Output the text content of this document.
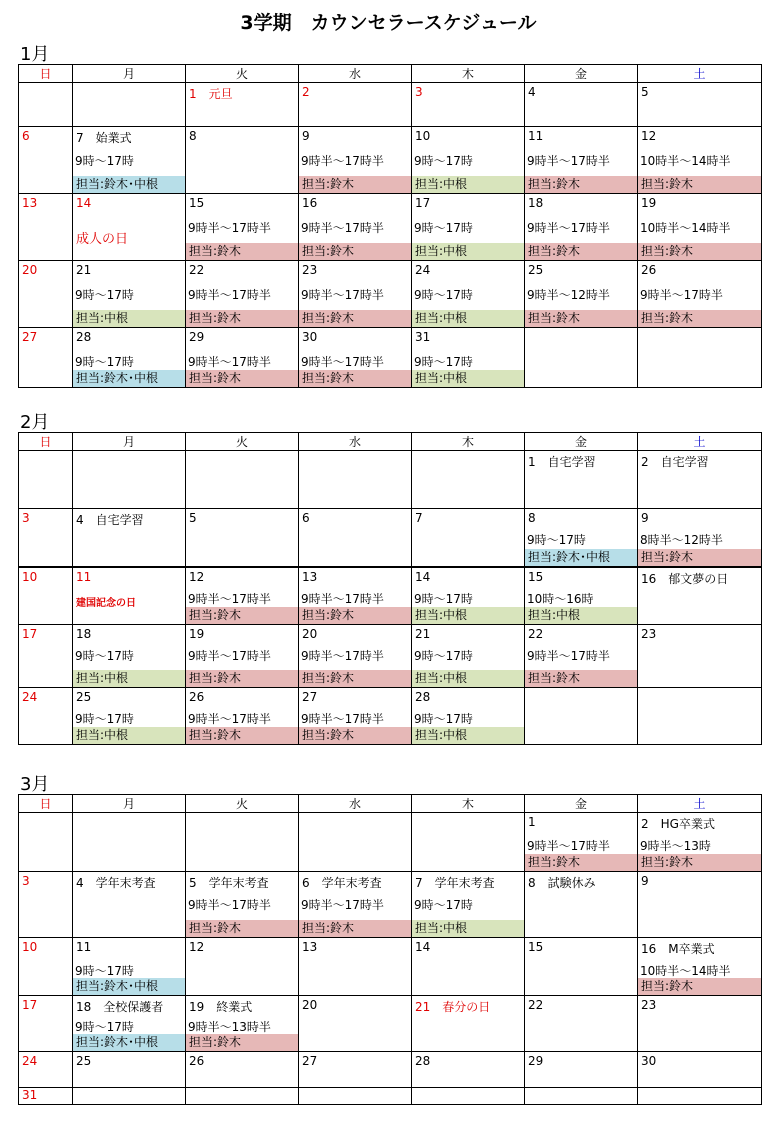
3学期　カウンセラースケジュール
1月
日	月	火	水	木	金	土

		1　 元旦	2	3	4	5

6	7　 始業式
9時～17時
担当:鈴木･中根	8	9
9時半～17時半
担当:鈴木	10
9時～17時
担当:中根	11
9時半～17時半
担当:鈴木	12
10時半～14時半
担当:鈴木

13	14
成人の日	15
9時半～17時半
担当:鈴木	16
9時半～17時半
担当:鈴木	17
9時～17時
担当:中根	18
9時半～17時半
担当:鈴木	19
10時半～14時半
担当:鈴木

20	21
9時～17時
担当:中根	22
9時半～17時半
担当:鈴木	23
9時半～17時半
担当:鈴木	24
9時～17時
担当:中根	25
9時半～12時半
担当:鈴木	26
9時半～17時半
担当:鈴木

27	28
9時～17時
担当:鈴木･中根	29
9時半～17時半
担当:鈴木	30
9時半～17時半
担当:鈴木	31
9時～17時
担当:中根		

2月
日	月	火	水	木	金	土

					1　 自宅学習	2　 自宅学習

3	4　 自宅学習	5	6	7	8
9時～17時
担当:鈴木･中根	9
8時半～12時半
担当:鈴木

10	11
建国記念の日	12
9時半～17時半
担当:鈴木	13
9時半～17時半
担当:鈴木	14
9時～17時
担当:中根	15
10時～16時
担当:中根	16　 郁文夢の日

17	18
9時～17時
担当:中根	19
9時半～17時半
担当:鈴木	20
9時半～17時半
担当:鈴木	21
9時～17時
担当:中根	22
9時半～17時半
担当:鈴木	23

24	25
9時～17時
担当:中根	26
9時半～17時半
担当:鈴木	27
9時半～17時半
担当:鈴木	28
9時～17時
担当:中根		

3月
日	月	火	水	木	金	土

					1
9時半～17時半
担当:鈴木	2　 HG卒業式
9時半～13時
担当:鈴木

3	4　 学年末考査	5　 学年末考査
9時半～17時半
担当:鈴木	6　 学年末考査
9時半～17時半
担当:鈴木	7　 学年末考査
9時～17時
担当:中根	8　 試験休み	9

10	11
9時～17時
担当:鈴木･中根	12	13	14	15	16　 M卒業式
10時半～14時半
担当:鈴木

17	18　 全校保護者
9時～17時
担当:鈴木･中根	19　 終業式
9時半～13時半
担当:鈴木	20	21　 春分の日	22	23

24	25	26	27	28	29	30

31						
